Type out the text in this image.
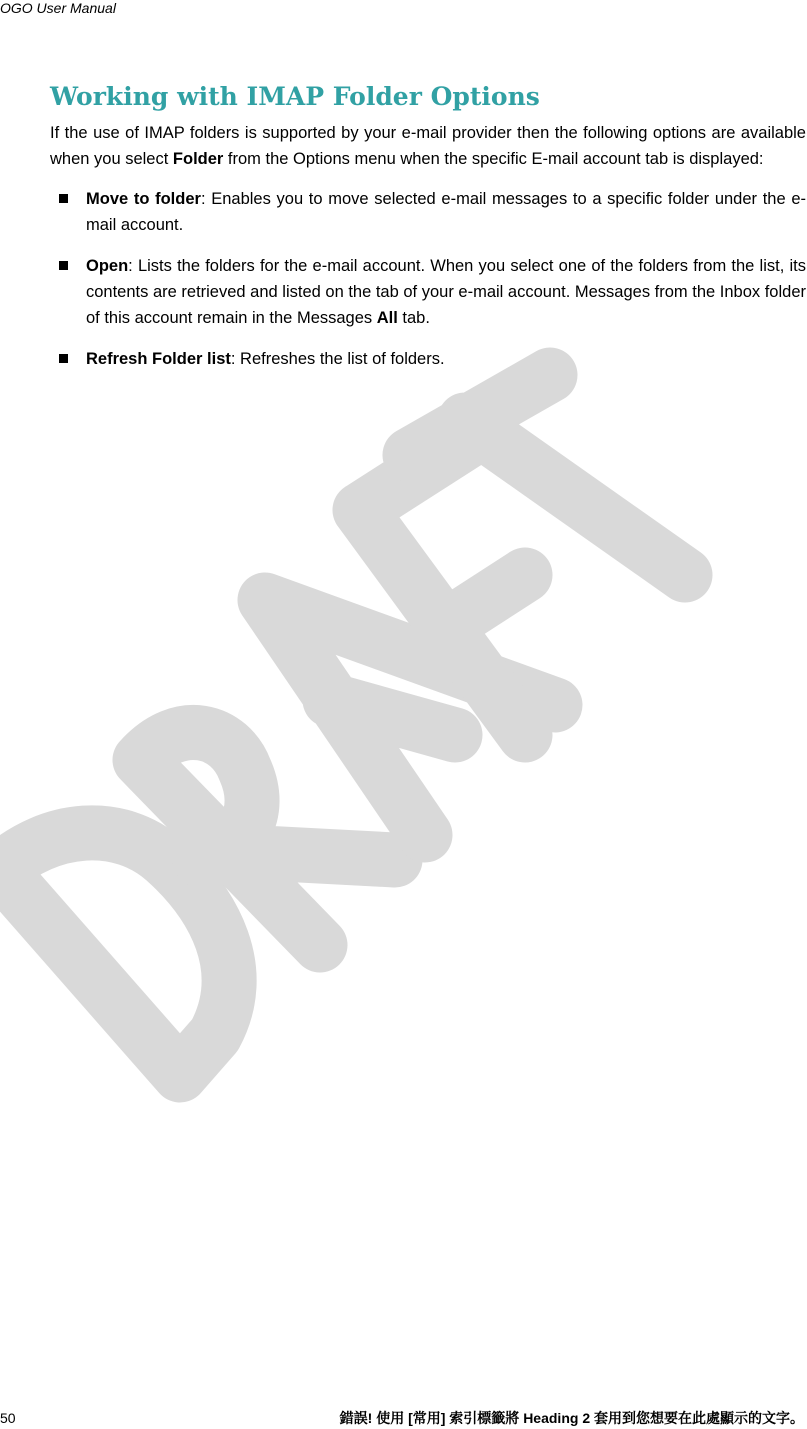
OGO User Manual
Working with IMAP Folder Options

If the use of IMAP folders is supported by your e-mail provider then the following options are available when you select Folder from the Options menu when the specific E-mail account tab is displayed:

Move to folder: Enables you to move selected e-mail messages to a specific folder under the e-mail account.
Open: Lists the folders for the e-mail account. When you select one of the folders from the list, its contents are retrieved and listed on the tab of your e-mail account. Messages from the Inbox folder of this account remain in the Messages All tab.
Refresh Folder list: Refreshes the list of folders.
50	錯誤! 使用 [常用] 索引標籤將 Heading 2 套用到您想要在此處顯示的文字。
